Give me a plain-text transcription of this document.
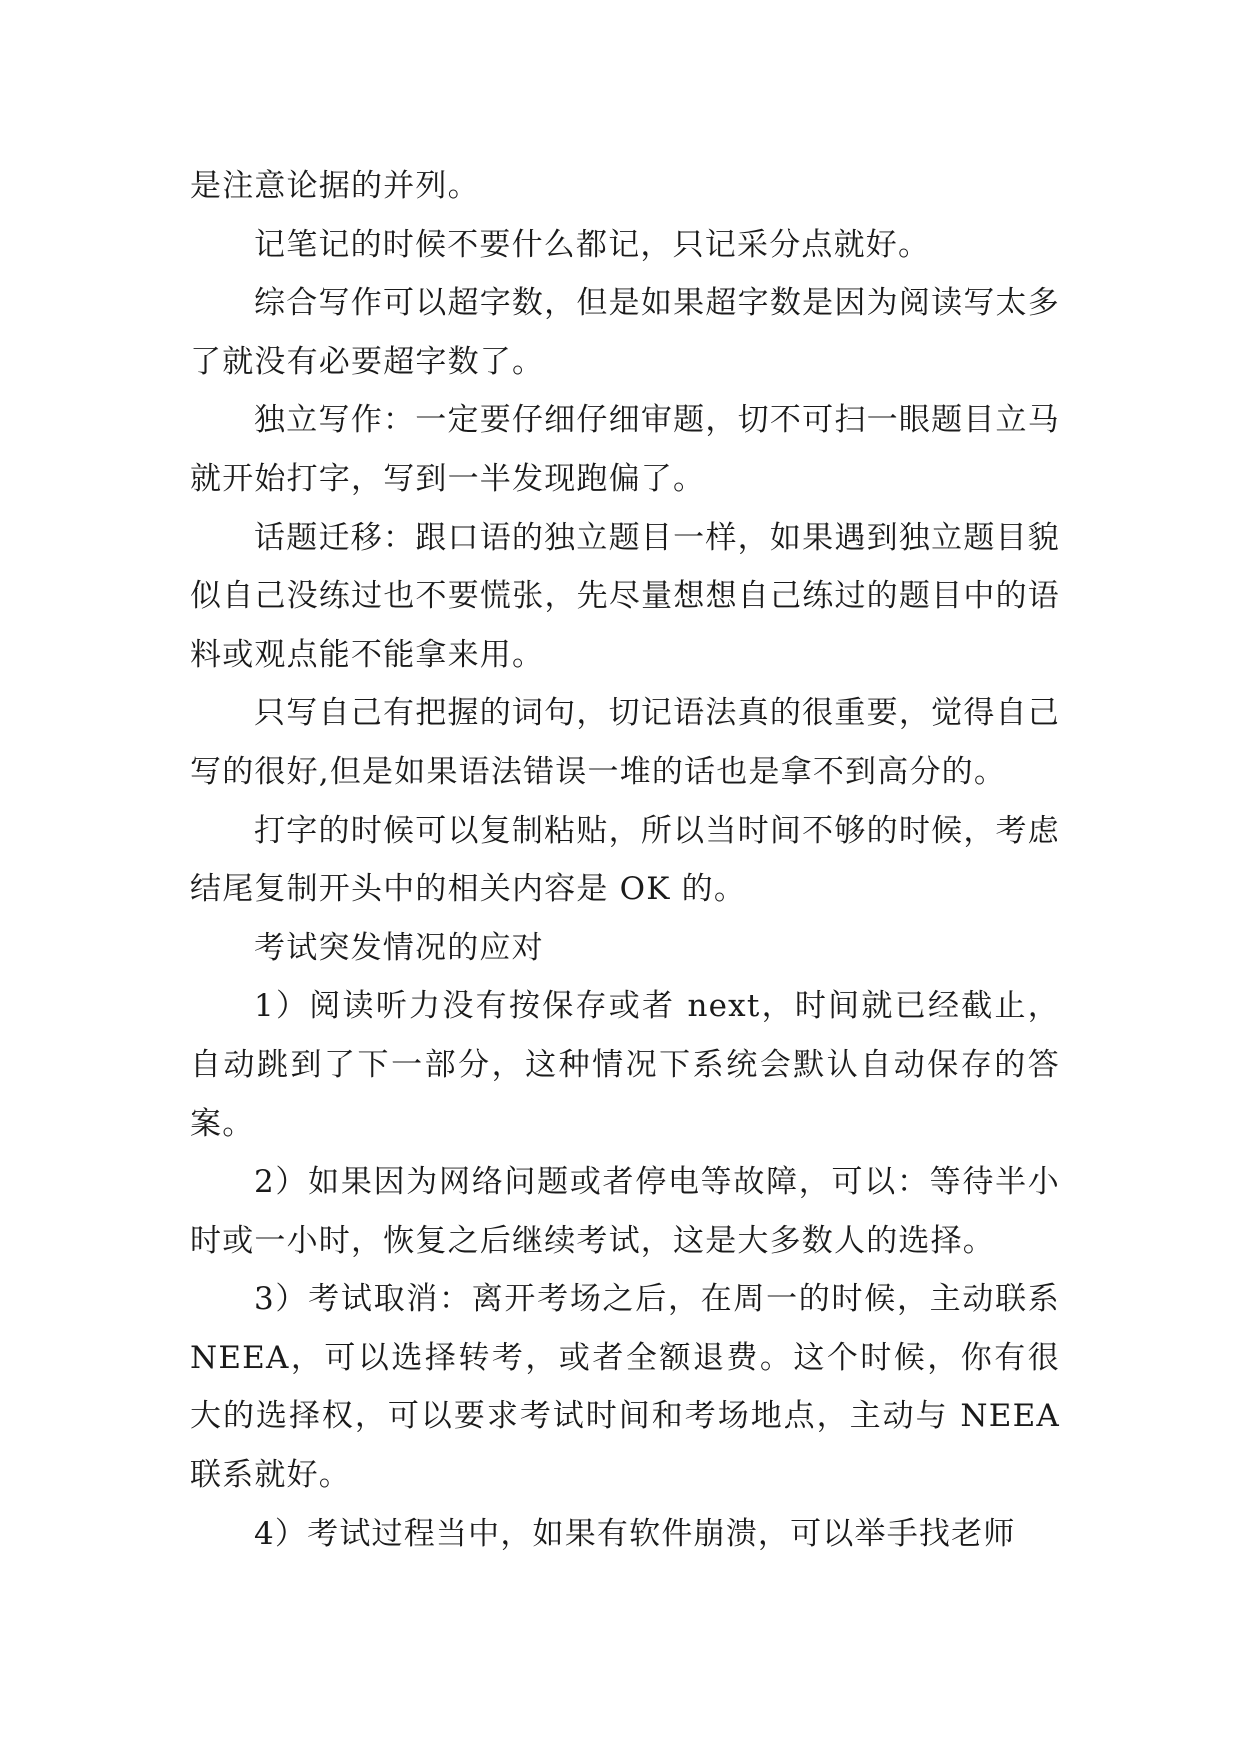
是注意论据的并列。

记笔记的时候不要什么都记，只记采分点就好。

综合写作可以超字数，但是如果超字数是因为阅读写太多了就没有必要超字数了。

独立写作：一定要仔细仔细审题，切不可扫一眼题目立马就开始打字，写到一半发现跑偏了。

话题迁移：跟口语的独立题目一样，如果遇到独立题目貌似自己没练过也不要慌张，先尽量想想自己练过的题目中的语料或观点能不能拿来用。

只写自己有把握的词句，切记语法真的很重要，觉得自己写的很好,但是如果语法错误一堆的话也是拿不到高分的。

打字的时候可以复制粘贴，所以当时间不够的时候，考虑结尾复制开头中的相关内容是 OK 的。

考试突发情况的应对

1）阅读听力没有按保存或者 next，时间就已经截止，自动跳到了下一部分，这种情况下系统会默认自动保存的答案。

2）如果因为网络问题或者停电等故障，可以：等待半小时或一小时，恢复之后继续考试，这是大多数人的选择。

3）考试取消：离开考场之后，在周一的时候，主动联系 NEEA，可以选择转考，或者全额退费。这个时候，你有很大的选择权，可以要求考试时间和考场地点，主动与 NEEA 联系就好。

4）考试过程当中，如果有软件崩溃，可以举手找老师
